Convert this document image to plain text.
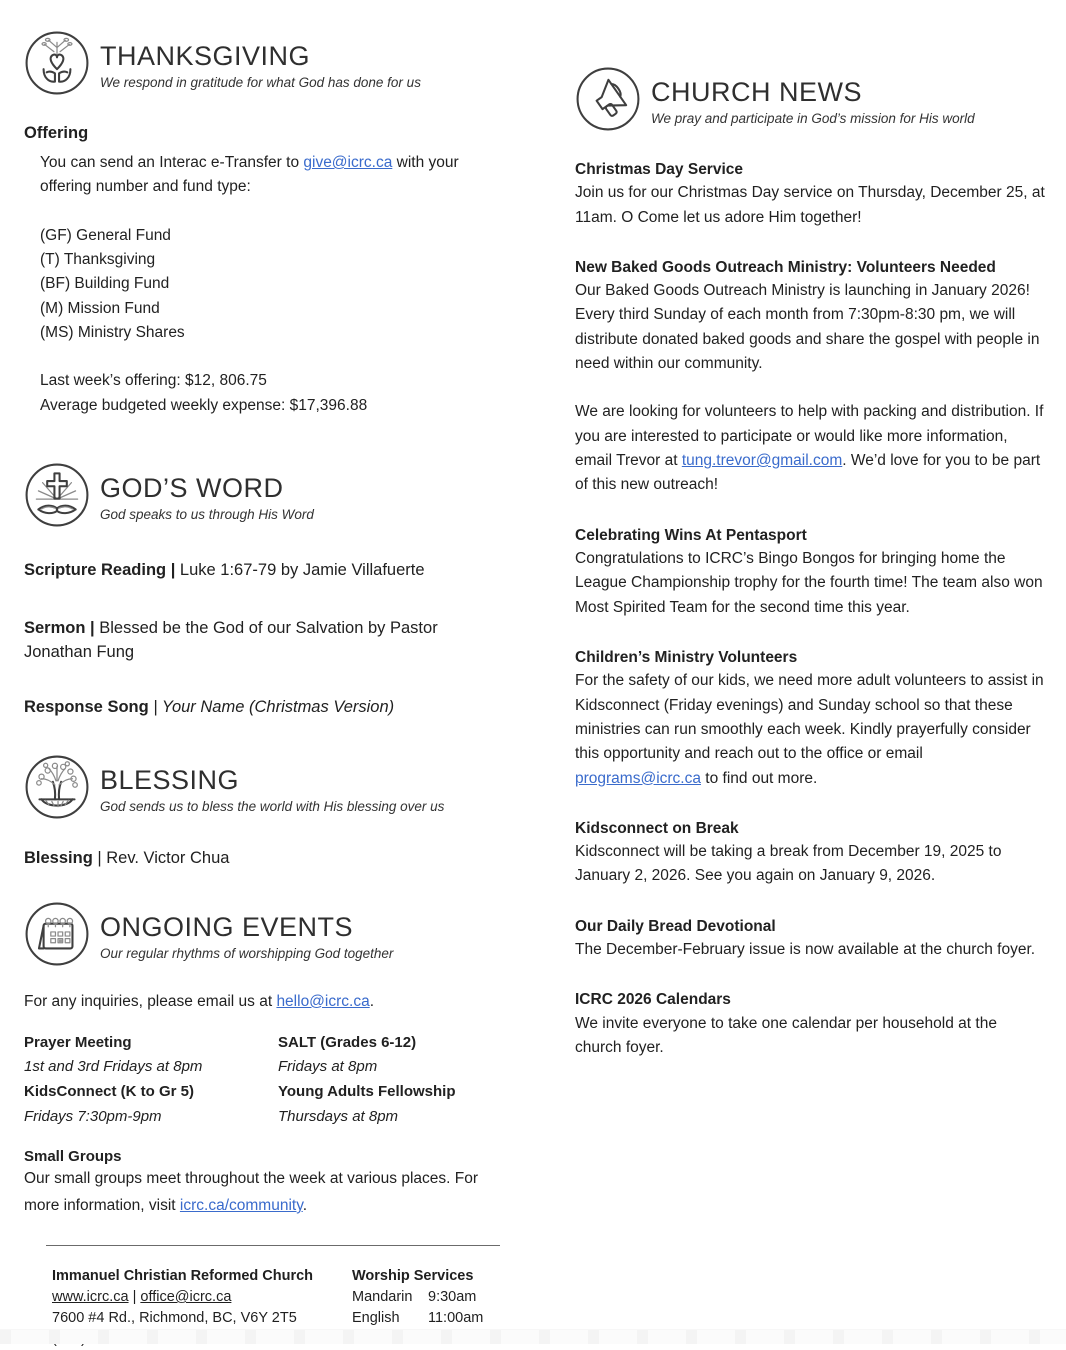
THANKSGIVING
We respond in gratitude for what God has done for us
Offering
You can send an Interac e-Transfer to give@icrc.ca with your offering number and fund type:
(GF) General Fund
(T) Thanksgiving
(BF) Building Fund
(M) Mission Fund
(MS) Ministry Shares
Last week’s offering: $12, 806.75
Average budgeted weekly expense: $17,396.88
GOD’S WORD
God speaks to us through His Word
Scripture Reading | Luke 1:67-79 by Jamie Villafuerte
Sermon | Blessed be the God of our Salvation by Pastor Jonathan Fung
Response Song | Your Name (Christmas Version)
BLESSING
God sends us to bless the world with His blessing over us
Blessing | Rev. Victor Chua
ONGOING EVENTS
Our regular rhythms of worshipping God together
For any inquiries, please email us at hello@icrc.ca.
Prayer Meeting
1st and 3rd Fridays at 8pm
KidsConnect (K to Gr 5)
Fridays 7:30pm-9pm
SALT (Grades 6-12)
Fridays at 8pm
Young Adults Fellowship
Thursdays at 8pm
Small Groups
Our small groups meet throughout the week at various places. For more information, visit icrc.ca/community.
Immanuel Christian Reformed Church
www.icrc.ca | office@icrc.ca
7600 #4 Rd., Richmond, BC, V6Y 2T5
Worship Services
Mandarin 9:30am
English 11:00am
CHURCH NEWS
We pray and participate in God’s mission for His world
Christmas Day Service
Join us for our Christmas Day service on Thursday, December 25, at 11am. O Come let us adore Him together!
New Baked Goods Outreach Ministry: Volunteers Needed
Our Baked Goods Outreach Ministry is launching in January 2026! Every third Sunday of each month from 7:30pm-8:30 pm, we will distribute donated baked goods and share the gospel with people in need within our community.
We are looking for volunteers to help with packing and distribution. If you are interested to participate or would like more information, email Trevor at tung.trevor@gmail.com. We’d love for you to be part of this new outreach!
Celebrating Wins At Pentasport
Congratulations to ICRC’s Bingo Bongos for bringing home the League Championship trophy for the fourth time! The team also won Most Spirited Team for the second time this year.
Children’s Ministry Volunteers
For the safety of our kids, we need more adult volunteers to assist in Kidsconnect (Friday evenings) and Sunday school so that these ministries can run smoothly each week. Kindly prayerfully consider this opportunity and reach out to the office or email programs@icrc.ca to find out more.
Kidsconnect on Break
Kidsconnect will be taking a break from December 19, 2025 to January 2, 2026. See you again on January 9, 2026.
Our Daily Bread Devotional
The December-February issue is now available at the church foyer.
ICRC 2026 Calendars
We invite everyone to take one calendar per household at the church foyer.
